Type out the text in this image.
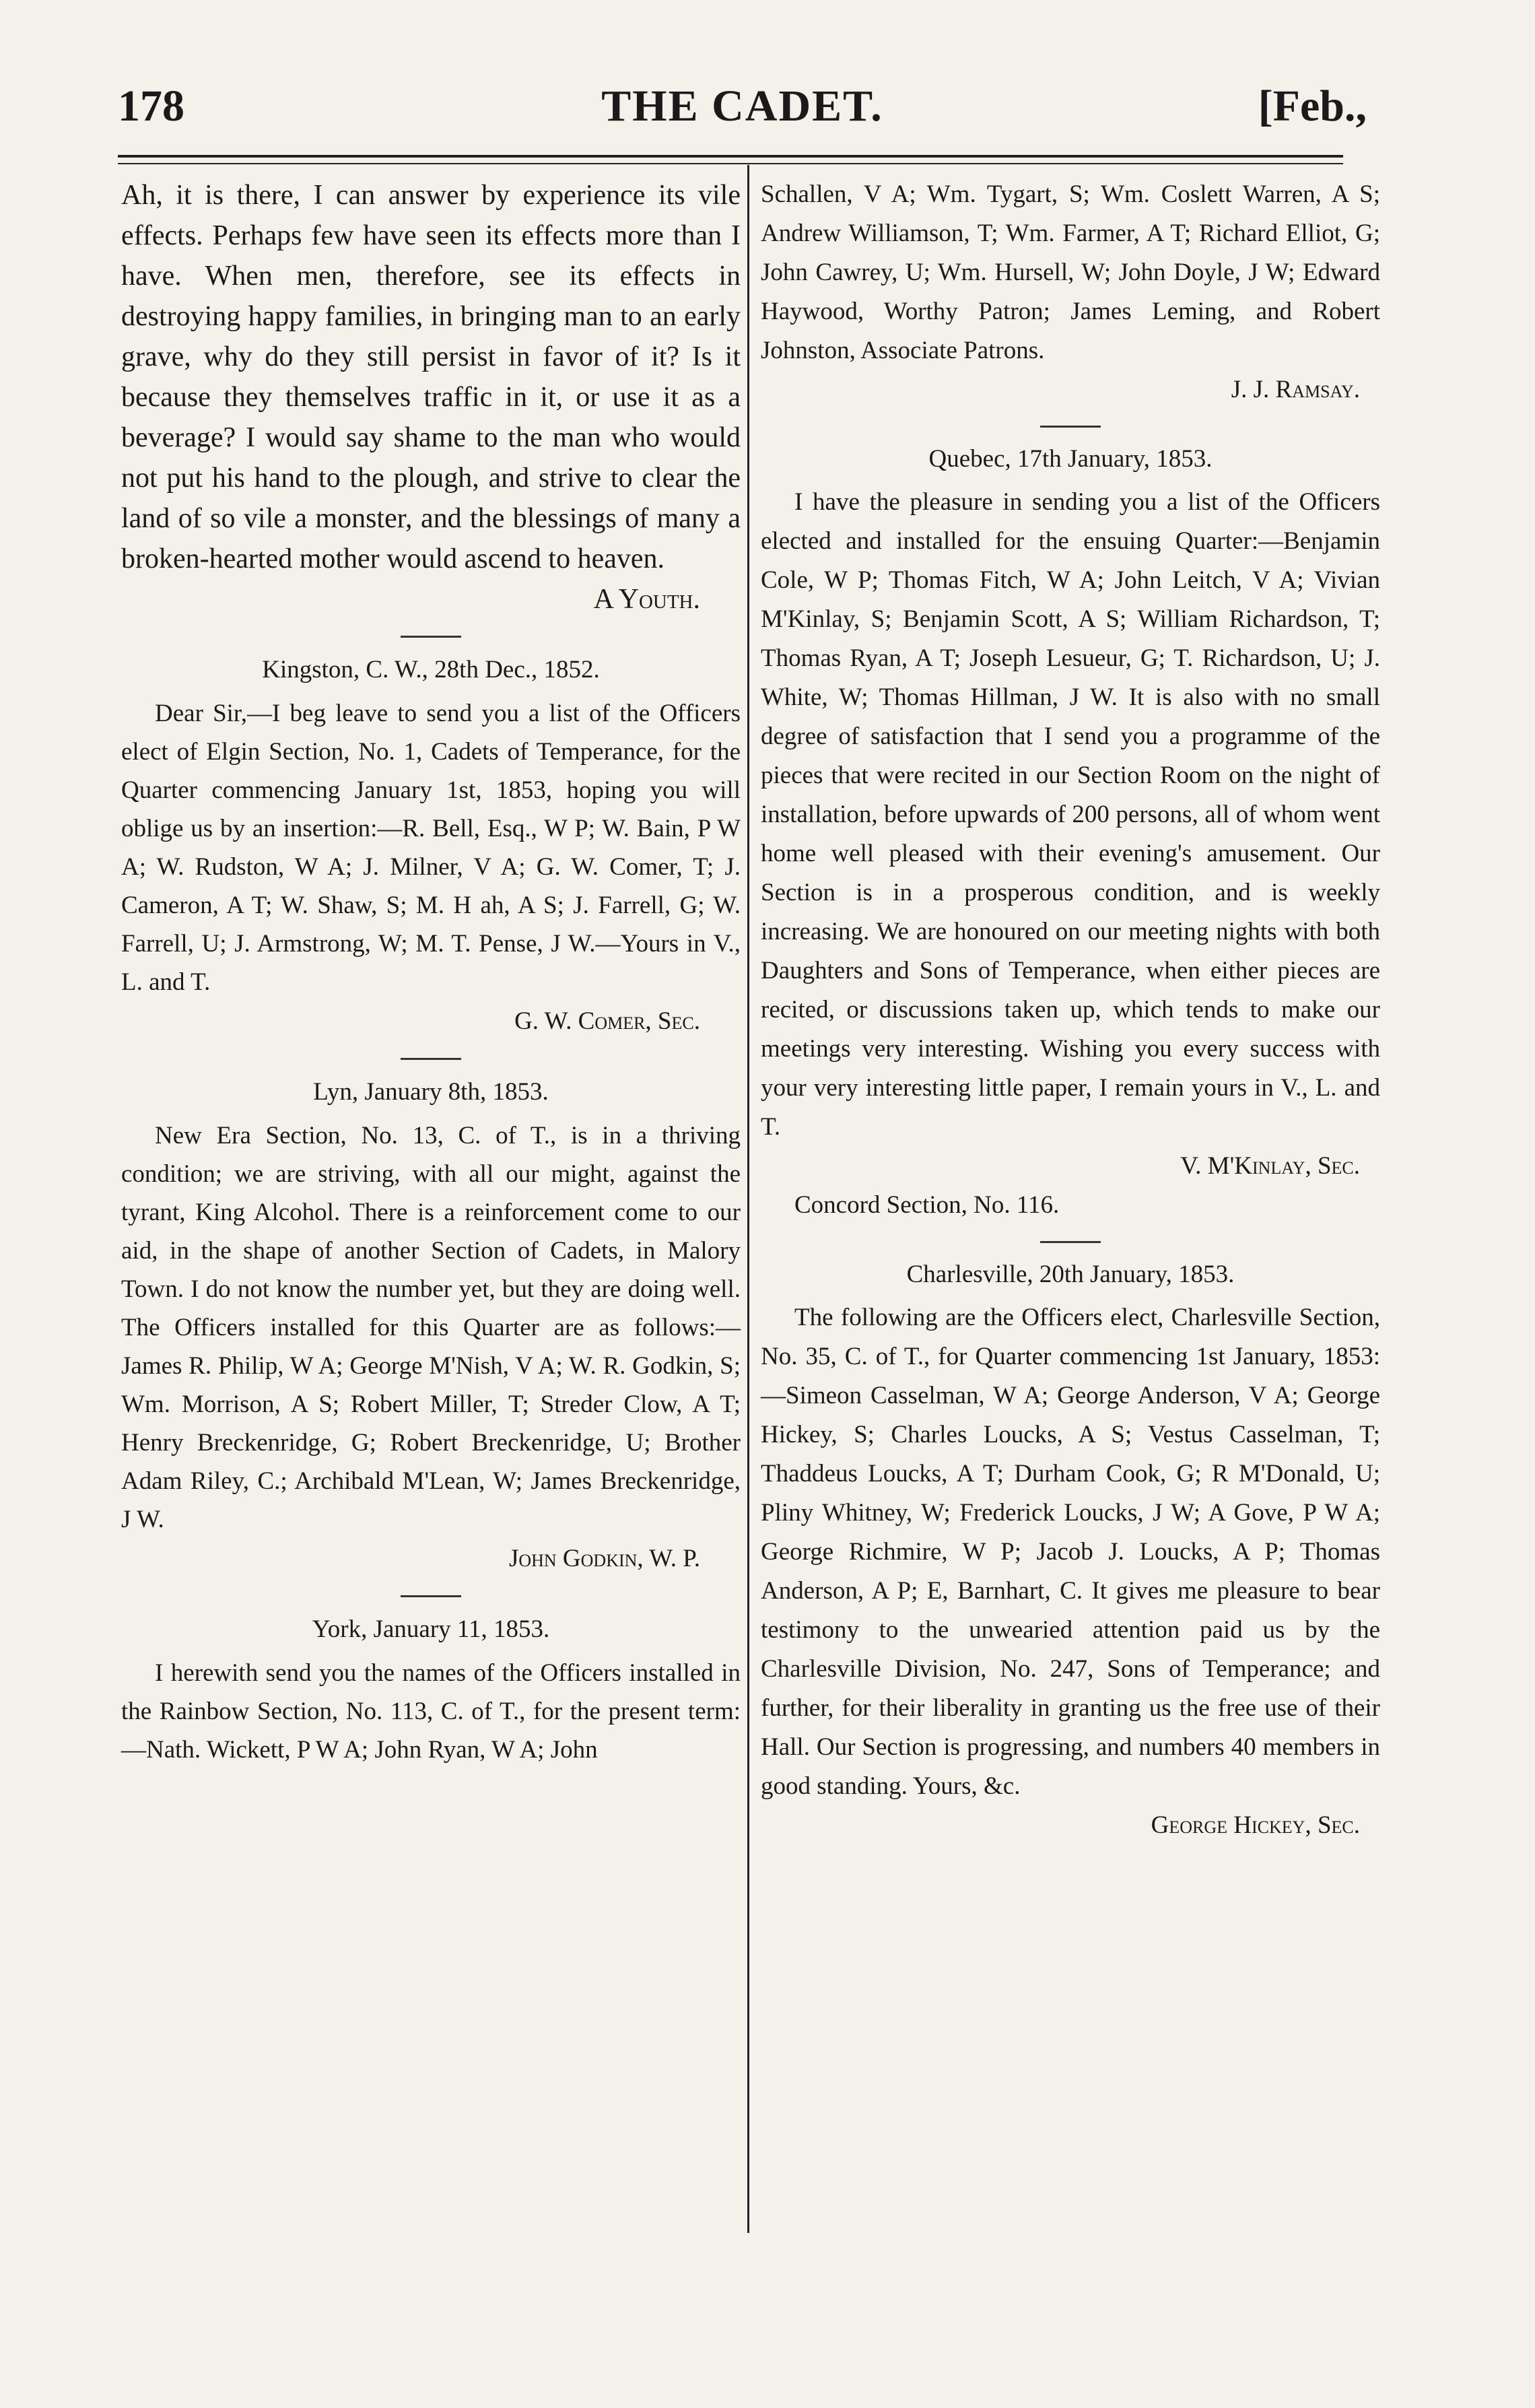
178	THE CADET.	[Feb.,

Ah, it is there, I can answer by experience its vile effects. Perhaps few have seen its effects more than I have. When men, therefore, see its effects in destroying happy families, in bringing man to an early grave, why do they still persist in favor of it? Is it because they themselves traffic in it, or use it as a beverage? I would say shame to the man who would not put his hand to the plough, and strive to clear the land of so vile a monster, and the blessings of many a broken-hearted mother would ascend to heaven.

A Youth.

Kingston, C. W., 28th Dec., 1852.

Dear Sir,—I beg leave to send you a list of the Officers elect of Elgin Section, No. 1, Cadets of Temperance, for the Quarter commencing January 1st, 1853, hoping you will oblige us by an insertion:—R. Bell, Esq., W P; W. Bain, P W A; W. Rudston, W A; J. Milner, V A; G. W. Comer, T; J. Cameron, A T; W. Shaw, S; M. H ah, A S; J. Farrell, G; W. Farrell, U; J. Armstrong, W; M. T. Pense, J W.—Yours in V., L. and T.

G. W. Comer, Sec.

Lyn, January 8th, 1853.

New Era Section, No. 13, C. of T., is in a thriving condition; we are striving, with all our might, against the tyrant, King Alcohol. There is a reinforcement come to our aid, in the shape of another Section of Cadets, in Malory Town. I do not know the number yet, but they are doing well. The Officers installed for this Quarter are as follows:— James R. Philip, W A; George M'Nish, V A; W. R. Godkin, S; Wm. Morrison, A S; Robert Miller, T; Streder Clow, A T; Henry Breckenridge, G; Robert Breckenridge, U; Brother Adam Riley, C.; Archibald M'Lean, W; James Breckenridge, J W.

John Godkin, W. P.

York, January 11, 1853.

I herewith send you the names of the Officers installed in the Rainbow Section, No. 113, C. of T., for the present term:—Nath. Wickett, P W A; John Ryan, W A; John

Schallen, V A; Wm. Tygart, S; Wm. Coslett Warren, A S; Andrew Williamson, T; Wm. Farmer, A T; Richard Elliot, G; John Cawrey, U; Wm. Hursell, W; John Doyle, J W; Edward Haywood, Worthy Patron; James Leming, and Robert Johnston, Associate Patrons.

J. J. Ramsay.

Quebec, 17th January, 1853.

I have the pleasure in sending you a list of the Officers elected and installed for the ensuing Quarter:—Benjamin Cole, W P; Thomas Fitch, W A; John Leitch, V A; Vivian M'Kinlay, S; Benjamin Scott, A S; William Richardson, T; Thomas Ryan, A T; Joseph Lesueur, G; T. Richardson, U; J. White, W; Thomas Hillman, J W. It is also with no small degree of satisfaction that I send you a programme of the pieces that were recited in our Section Room on the night of installation, before upwards of 200 persons, all of whom went home well pleased with their evening's amusement. Our Section is in a prosperous condition, and is weekly increasing. We are honoured on our meeting nights with both Daughters and Sons of Temperance, when either pieces are recited, or discussions taken up, which tends to make our meetings very interesting. Wishing you every success with your very interesting little paper, I remain yours in V., L. and T.

V. M'Kinlay, Sec.

Concord Section, No. 116.

Charlesville, 20th January, 1853.

The following are the Officers elect, Charlesville Section, No. 35, C. of T., for Quarter commencing 1st January, 1853:—Simeon Casselman, W A; George Anderson, V A; George Hickey, S; Charles Loucks, A S; Vestus Casselman, T; Thaddeus Loucks, A T; Durham Cook, G; R M'Donald, U; Pliny Whitney, W; Frederick Loucks, J W; A Gove, P W A; George Richmire, W P; Jacob J. Loucks, A P; Thomas Anderson, A P; E, Barnhart, C. It gives me pleasure to bear testimony to the unwearied attention paid us by the Charlesville Division, No. 247, Sons of Temperance; and further, for their liberality in granting us the free use of their Hall. Our Section is progressing, and numbers 40 members in good standing. Yours, &c.

George Hickey, Sec.
